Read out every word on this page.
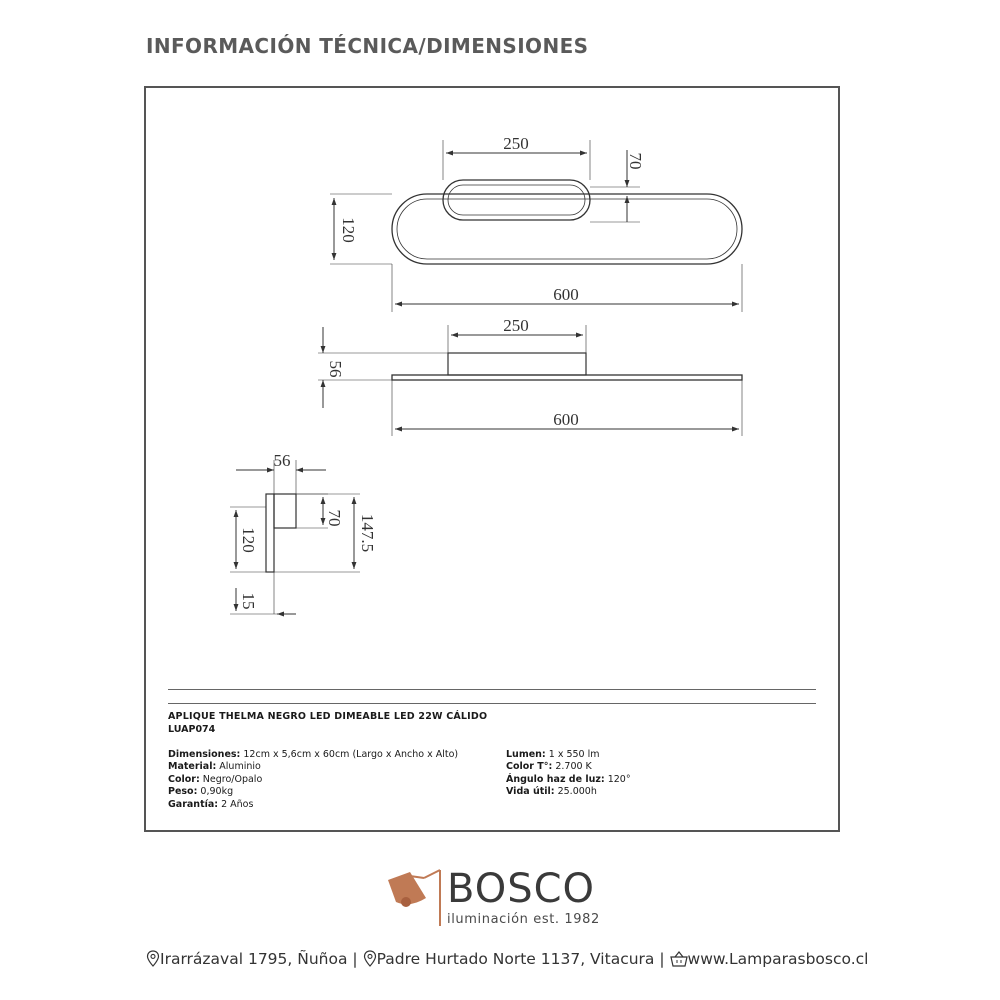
INFORMACIÓN TÉCNICA/DIMENSIONES
250
70
120
600
250
56
600
56
70 147.5
120
15
APLIQUE THELMA NEGRO LED DIMEABLE LED 22W CÁLIDO
LUAP074
Dimensiones: 12cm x 5,6cm x 60cm (Largo x Ancho x Alto)
Material: Aluminio
Color: Negro/Opalo
Peso: 0,90kg
Garantía: 2 Años
Lumen: 1 x 550 lm
Color T°: 2.700 K
Ángulo haz de luz: 120°
Vida útil: 25.000h
BOSCO
iluminación est. 1982
Irarrázaval 1795, Ñuñoa | Padre Hurtado Norte 1137, Vitacura | www.Lamparasbosco.cl
